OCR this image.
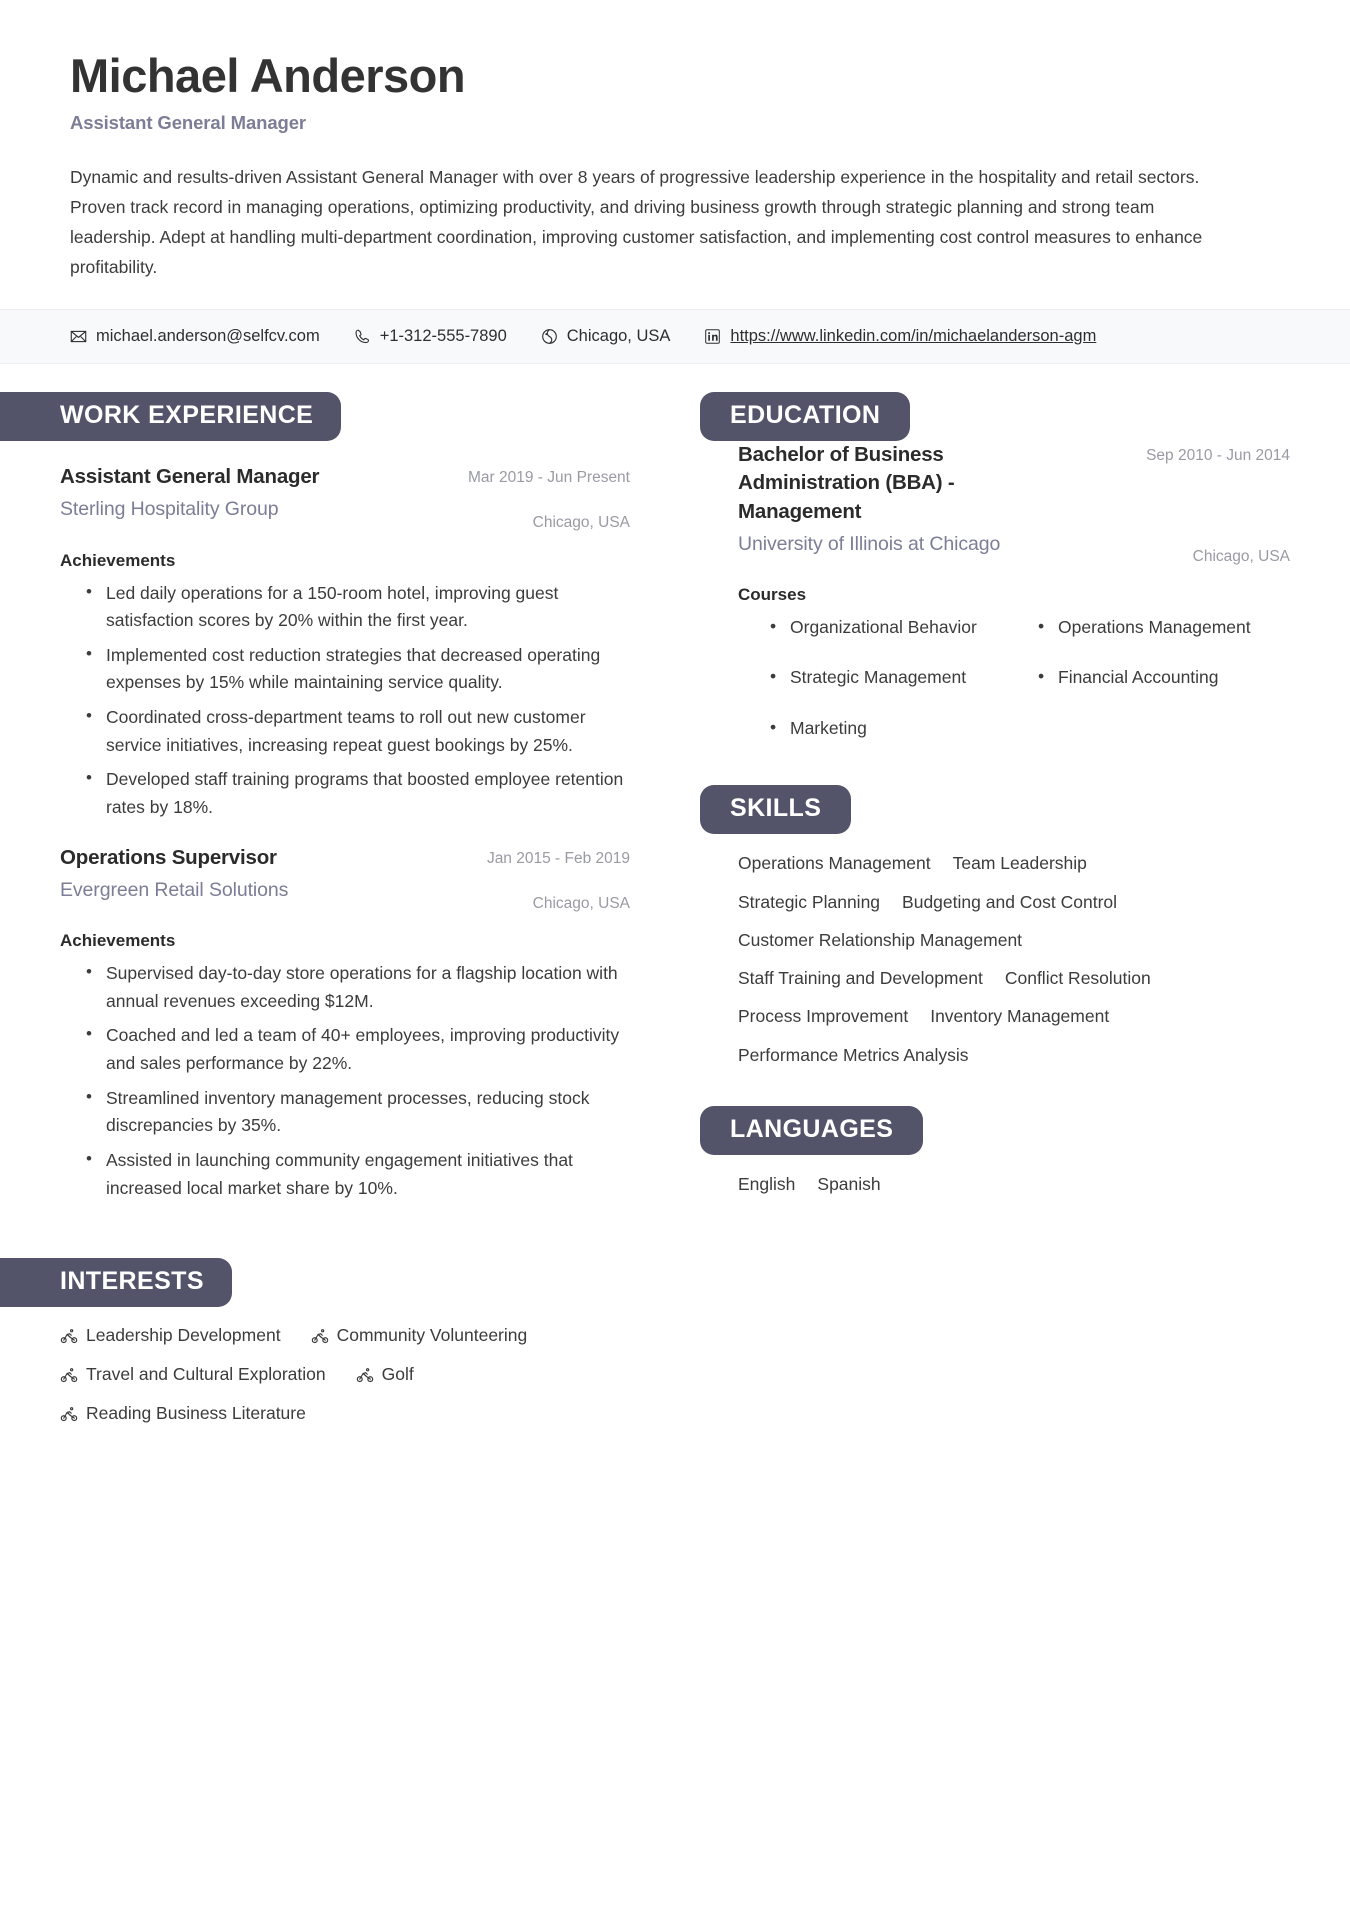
Michael Anderson
Assistant General Manager
Dynamic and results-driven Assistant General Manager with over 8 years of progressive leadership experience in the hospitality and retail sectors. Proven track record in managing operations, optimizing productivity, and driving business growth through strategic planning and strong team leadership. Adept at handling multi-department coordination, improving customer satisfaction, and implementing cost control measures to enhance profitability.
michael.anderson@selfcv.com	+1-312-555-7890	Chicago, USA	https://www.linkedin.com/in/michaelanderson-agm
WORK EXPERIENCE
Assistant General Manager
Sterling Hospitality Group
Mar 2019 - Jun Present
Chicago, USA
Achievements
• Led daily operations for a 150-room hotel, improving guest satisfaction scores by 20% within the first year.
• Implemented cost reduction strategies that decreased operating expenses by 15% while maintaining service quality.
• Coordinated cross-department teams to roll out new customer service initiatives, increasing repeat guest bookings by 25%.
• Developed staff training programs that boosted employee retention rates by 18%.
Operations Supervisor
Evergreen Retail Solutions
Jan 2015 - Feb 2019
Chicago, USA
Achievements
• Supervised day-to-day store operations for a flagship location with annual revenues exceeding $12M.
• Coached and led a team of 40+ employees, improving productivity and sales performance by 22%.
• Streamlined inventory management processes, reducing stock discrepancies by 35%.
• Assisted in launching community engagement initiatives that increased local market share by 10%.
INTERESTS
Leadership Development	Community Volunteering
Travel and Cultural Exploration	Golf
Reading Business Literature
EDUCATION
Bachelor of Business Administration (BBA) - Management
University of Illinois at Chicago
Sep 2010 - Jun 2014
Chicago, USA
Courses
• Organizational Behavior	• Operations Management
• Strategic Management	• Financial Accounting
• Marketing
SKILLS
Operations Management Team Leadership
Strategic Planning Budgeting and Cost Control
Customer Relationship Management
Staff Training and Development Conflict Resolution
Process Improvement Inventory Management
Performance Metrics Analysis
LANGUAGES
English Spanish
